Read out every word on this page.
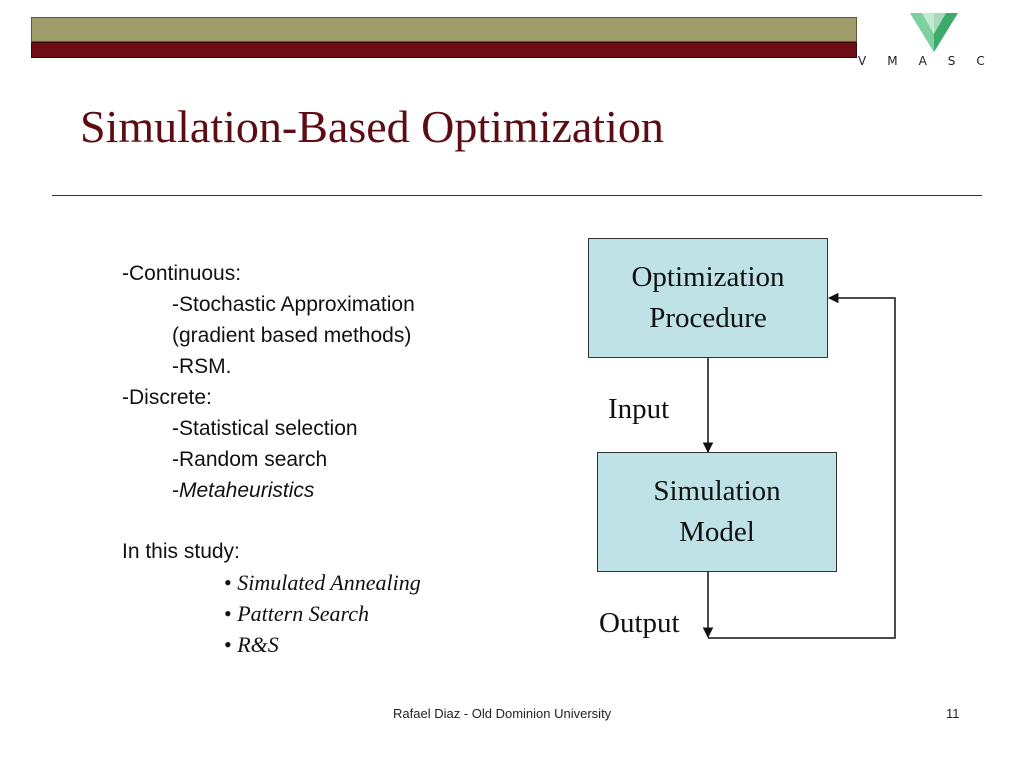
VMASC
Simulation-Based Optimization
-Continuous:
-Stochastic Approximation
(gradient based methods)
-RSM.
-Discrete:
-Statistical selection
-Random search
-Metaheuristics
In this study:
• Simulated Annealing
• Pattern Search
• R&S
Optimization
Procedure
Simulation
Model
Input
Output
Rafael Diaz - Old Dominion University	11
